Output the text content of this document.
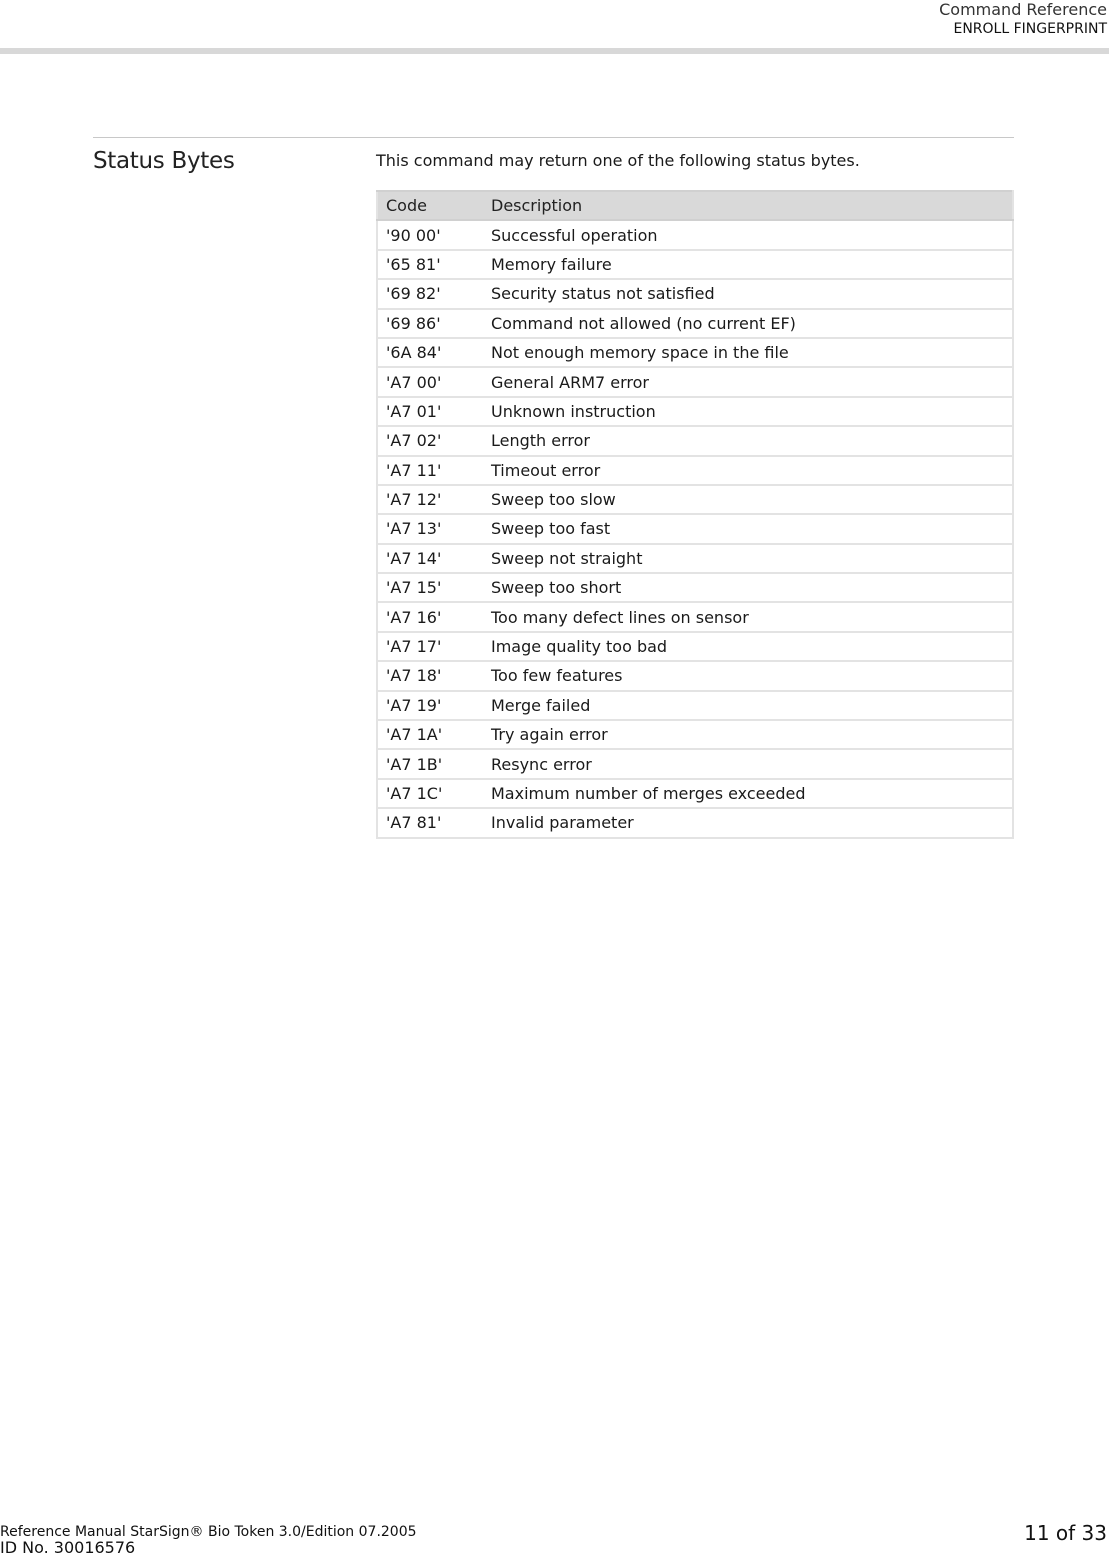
Command Reference
ENROLL FINGERPRINT
Status Bytes	This command may return one of the following status bytes.
Code	Description
'90 00'	Successful operation
'65 81'	Memory failure
'69 82'	Security status not satisfied
'69 86'	Command not allowed (no current EF)
'6A 84'	Not enough memory space in the file
'A7 00'	General ARM7 error
'A7 01'	Unknown instruction
'A7 02'	Length error
'A7 11'	Timeout error
'A7 12'	Sweep too slow
'A7 13'	Sweep too fast
'A7 14'	Sweep not straight
'A7 15'	Sweep too short
'A7 16'	Too many defect lines on sensor
'A7 17'	Image quality too bad
'A7 18'	Too few features
'A7 19'	Merge failed
'A7 1A'	Try again error
'A7 1B'	Resync error
'A7 1C'	Maximum number of merges exceeded
'A7 81'	Invalid parameter
Reference Manual StarSign® Bio Token 3.0/Edition 07.2005
ID No. 30016576
11 of 33
